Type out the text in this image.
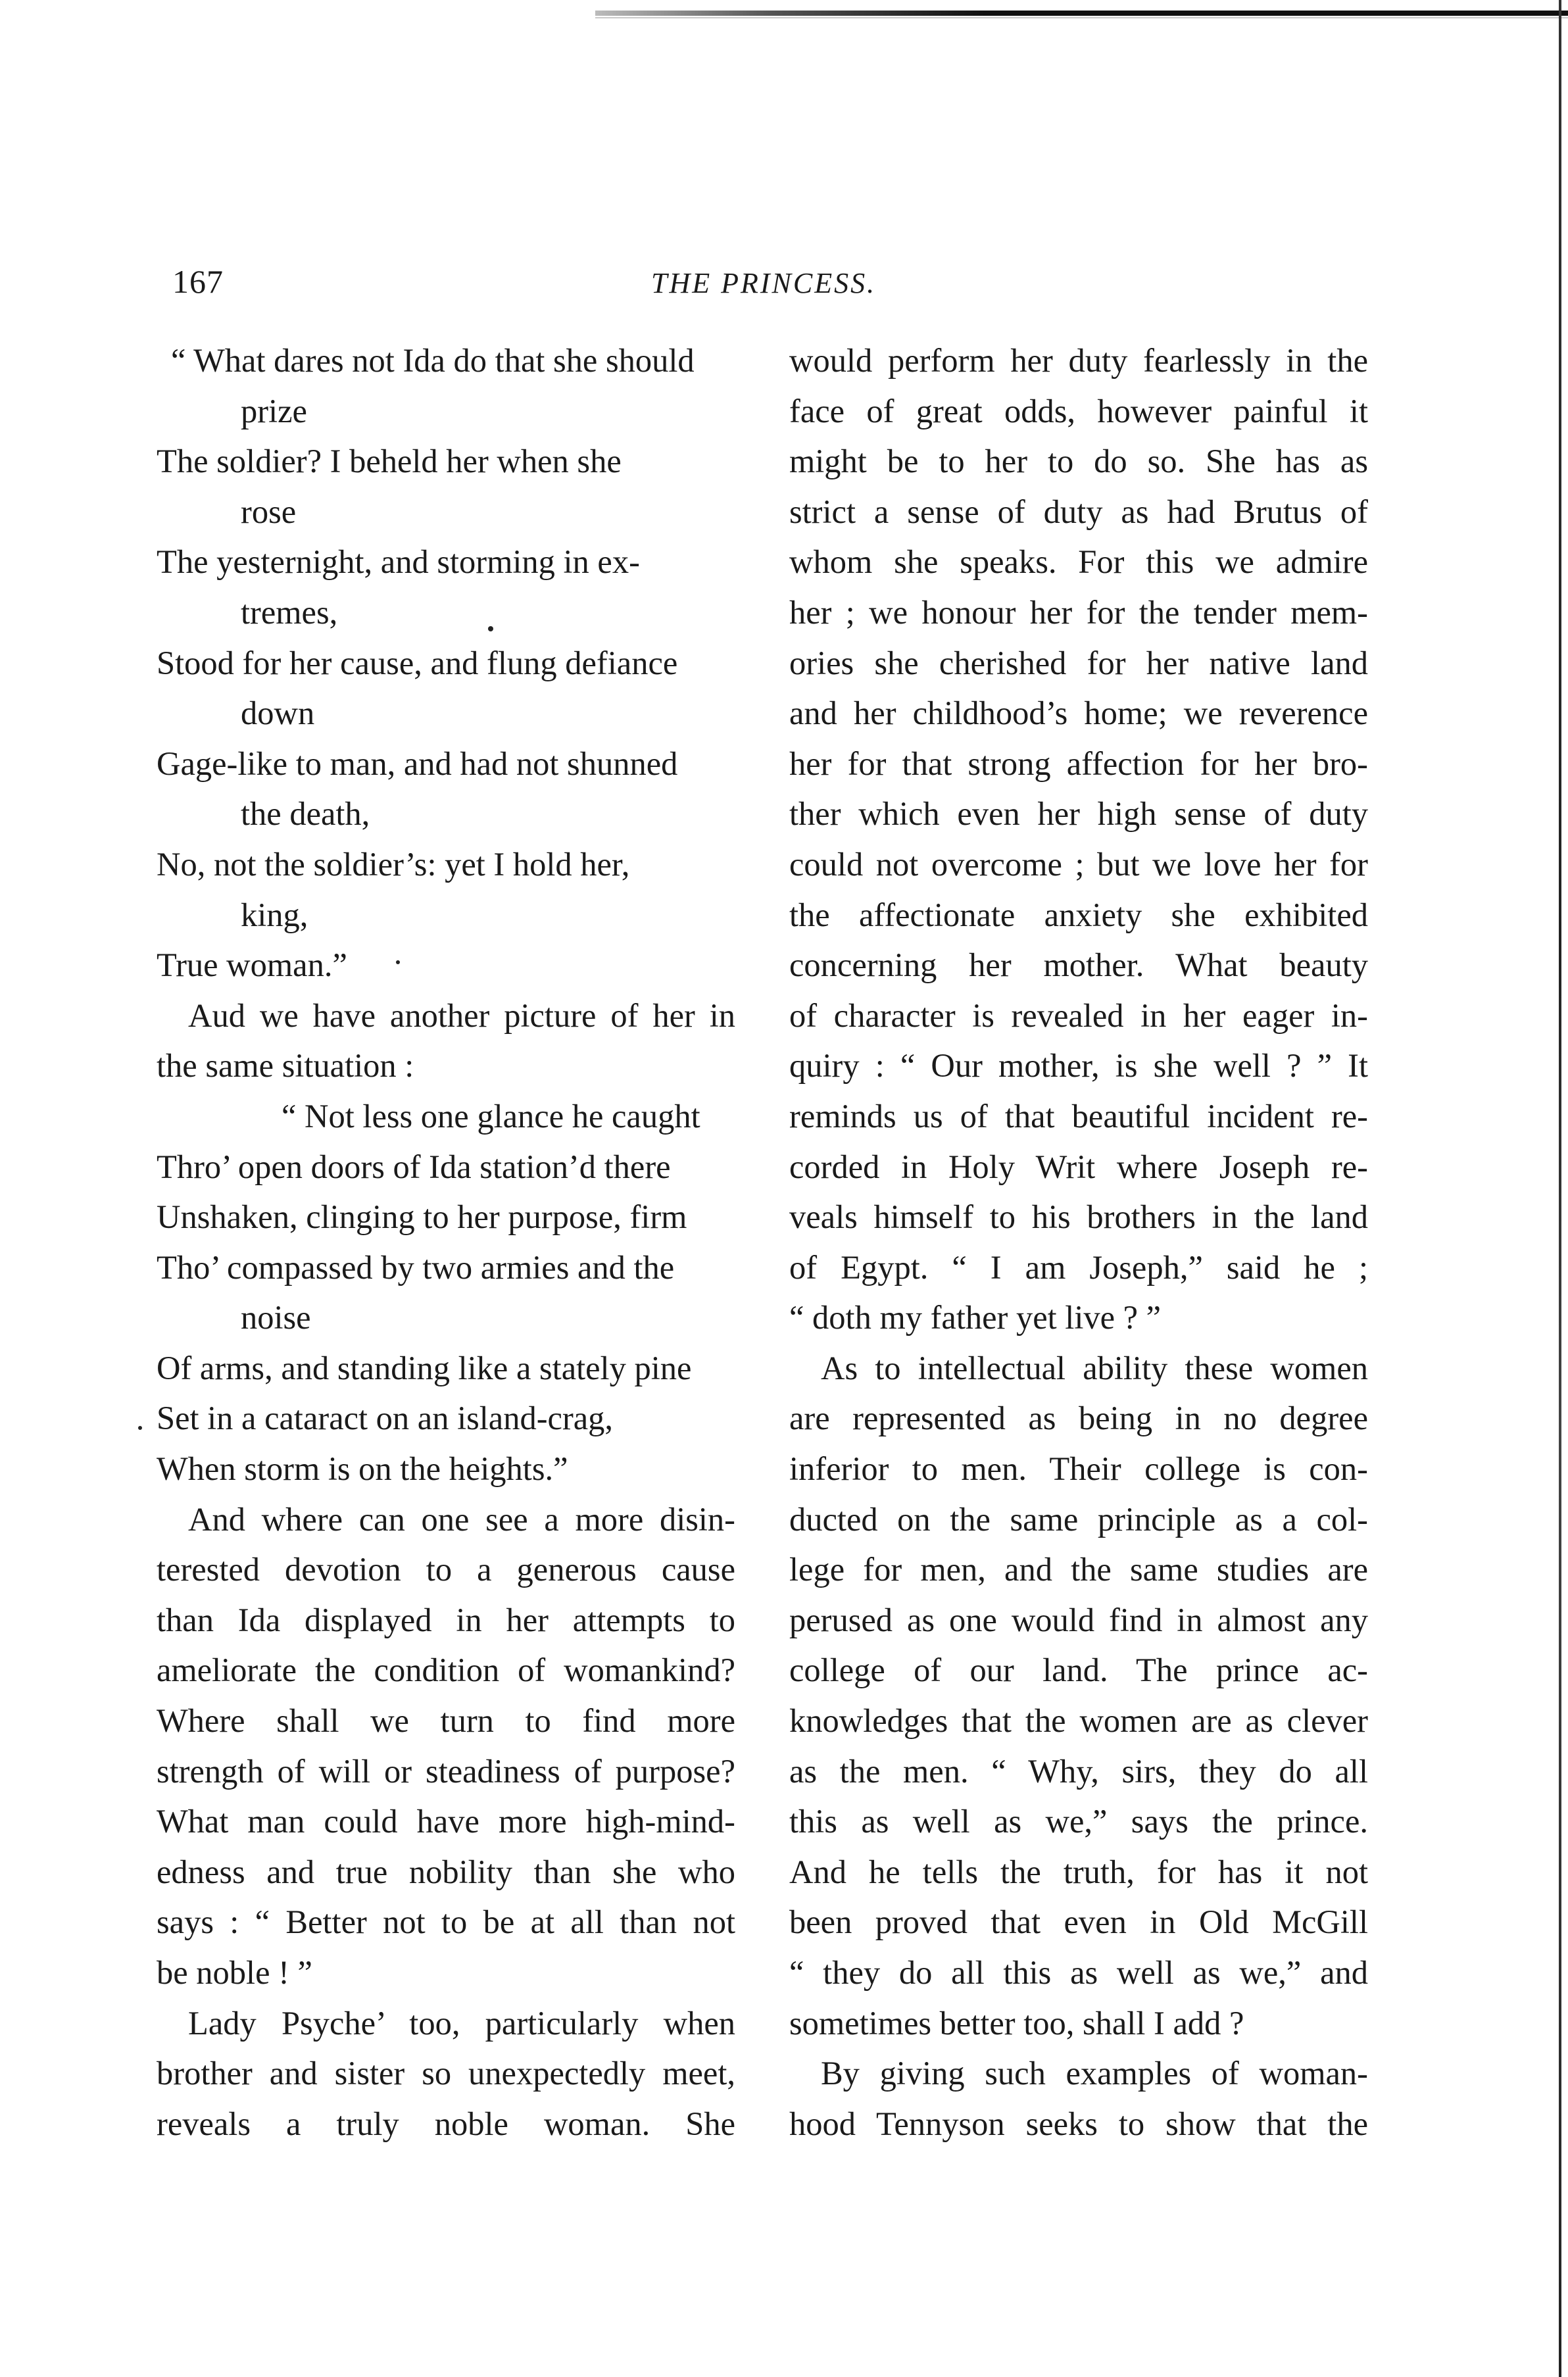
167	THE PRINCESS.
“ What dares not Ida do that she should
prize
The soldier? I beheld her when she
rose
The yesternight, and storming in ex-
tremes,
Stood for her cause, and flung defiance
down
Gage-like to man, and had not shunned
the death,
No, not the soldier’s: yet I hold her,
king,
True woman.”
Aud we have another picture of her in
the same situation :
“ Not less one glance he caught
Thro’ open doors of Ida station’d there
Unshaken, clinging to her purpose, firm
Tho’ compassed by two armies and the
noise
Of arms, and standing like a stately pine
Set in a cataract on an island-crag,
When storm is on the heights.”
And where can one see a more disin-
terested devotion to a generous cause
than Ida displayed in her attempts to
ameliorate the condition of womankind?
Where shall we turn to find more
strength of will or steadiness of purpose?
What man could have more high-mind-
edness and true nobility than she who
says : “ Better not to be at all than not
be noble ! ”
Lady Psyche’ too, particularly when
brother and sister so unexpectedly meet,
reveals a truly noble woman. She
would perform her duty fearlessly in the
face of great odds, however painful it
might be to her to do so. She has as
strict a sense of duty as had Brutus of
whom she speaks. For this we admire
her ; we honour her for the tender mem-
ories she cherished for her native land
and her childhood’s home; we reverence
her for that strong affection for her bro-
ther which even her high sense of duty
could not overcome ; but we love her for
the affectionate anxiety she exhibited
concerning her mother. What beauty
of character is revealed in her eager in-
quiry : “ Our mother, is she well ? ” It
reminds us of that beautiful incident re-
corded in Holy Writ where Joseph re-
veals himself to his brothers in the land
of Egypt. “ I am Joseph,” said he ;
“ doth my father yet live ? ”
As to intellectual ability these women
are represented as being in no degree
inferior to men. Their college is con-
ducted on the same principle as a col-
lege for men, and the same studies are
perused as one would find in almost any
college of our land. The prince ac-
knowledges that the women are as clever
as the men. “ Why, sirs, they do all
this as well as we,” says the prince.
And he tells the truth, for has it not
been proved that even in Old McGill
“ they do all this as well as we,” and
sometimes better too, shall I add ?
By giving such examples of woman-
hood Tennyson seeks to show that the
